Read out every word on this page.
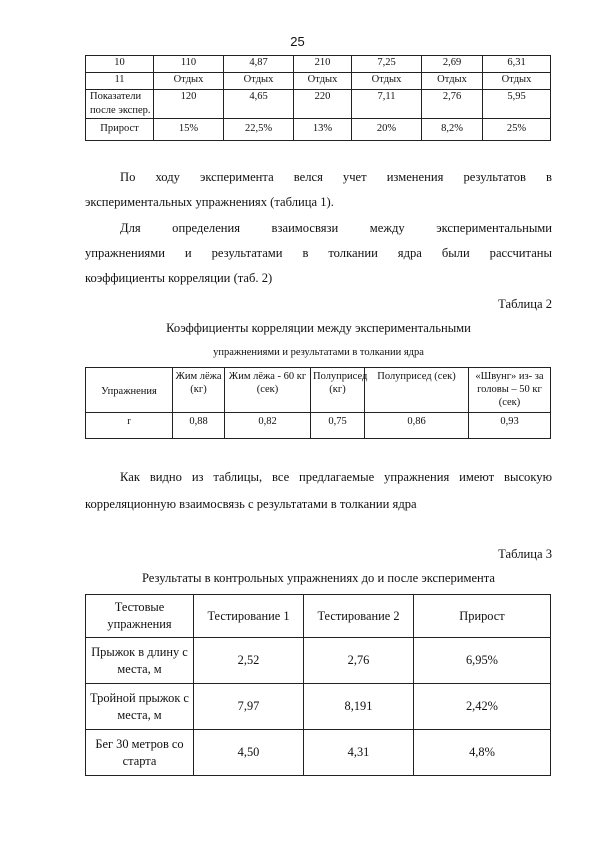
25
10	110	4,87	210	7,25	2,69	6,31
11	Отдых	Отдых	Отдых	Отдых	Отдых	Отдых
Показатели после экспер.	120	4,65	220	7,11	2,76	5,95
Прирост	15%	22,5%	13%	20%	8,2%	25%
По ходу эксперимента велся учет изменения результатов в
экспериментальных упражнениях (таблица 1).
Для определения взаимосвязи между экспериментальными
упражнениями и результатами в толкании ядра были рассчитаны
коэффициенты корреляции (таб. 2)
Таблица 2
Коэффициенты корреляции между экспериментальными
упражнениями и результатами в толкании ядра
Упражнения	Жим лёжа (кг)	Жим лёжа - 60 кг (сек)	Полуприсед (кг)	Полуприсед (сек)	«Швунг» из- за головы – 50 кг (сек)
r	0,88	0,82	0,75	0,86	0,93
Как видно из таблицы, все предлагаемые упражнения имеют высокую
корреляционную взаимосвязь с результатами в толкании ядра
Таблица 3
Результаты в контрольных упражнениях до и после эксперимента
Тестовые упражнения	Тестирование 1	Тестирование 2	Прирост
Прыжок в длину с места, м	2,52	2,76	6,95%
Тройной прыжок с места, м	7,97	8,191	2,42%
Бег 30 метров со старта	4,50	4,31	4,8%
